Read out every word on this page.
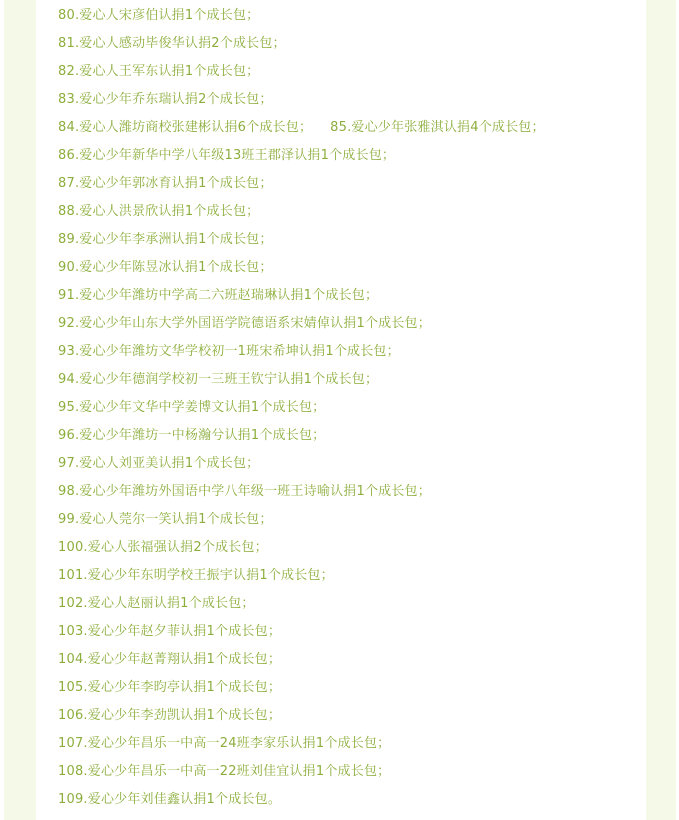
80.爱心人宋彦伯认捐1个成长包；
81.爱心人感动毕俊华认捐2个成长包；
82.爱心人王军东认捐1个成长包；
83.爱心少年乔东瑞认捐2个成长包；
84.爱心人潍坊商校张建彬认捐6个成长包； 85.爱心少年张雅淇认捐4个成长包；
86.爱心少年新华中学八年级13班王郡泽认捐1个成长包；
87.爱心少年郭冰育认捐1个成长包；
88.爱心人洪景欣认捐1个成长包；
89.爱心少年李承洲认捐1个成长包；
90.爱心少年陈昱冰认捐1个成长包；
91.爱心少年潍坊中学高二六班赵瑞琳认捐1个成长包；
92.爱心少年山东大学外国语学院德语系宋婧倬认捐1个成长包；
93.爱心少年潍坊文华学校初一1班宋希坤认捐1个成长包；
94.爱心少年德润学校初一三班王钦宁认捐1个成长包；
95.爱心少年文华中学姜博文认捐1个成长包；
96.爱心少年潍坊一中杨瀚兮认捐1个成长包；
97.爱心人刘亚美认捐1个成长包；
98.爱心少年潍坊外国语中学八年级一班王诗喻认捐1个成长包；
99.爱心人莞尔一笑认捐1个成长包；
100.爱心人张福强认捐2个成长包；
101.爱心少年东明学校王振宇认捐1个成长包；
102.爱心人赵丽认捐1个成长包；
103.爱心少年赵夕菲认捐1个成长包；
104.爱心少年赵菁翔认捐1个成长包；
105.爱心少年李昀亭认捐1个成长包；
106.爱心少年李劲凯认捐1个成长包；
107.爱心少年昌乐一中高一24班李家乐认捐1个成长包；
108.爱心少年昌乐一中高一22班刘佳宜认捐1个成长包；
109.爱心少年刘佳鑫认捐1个成长包。
